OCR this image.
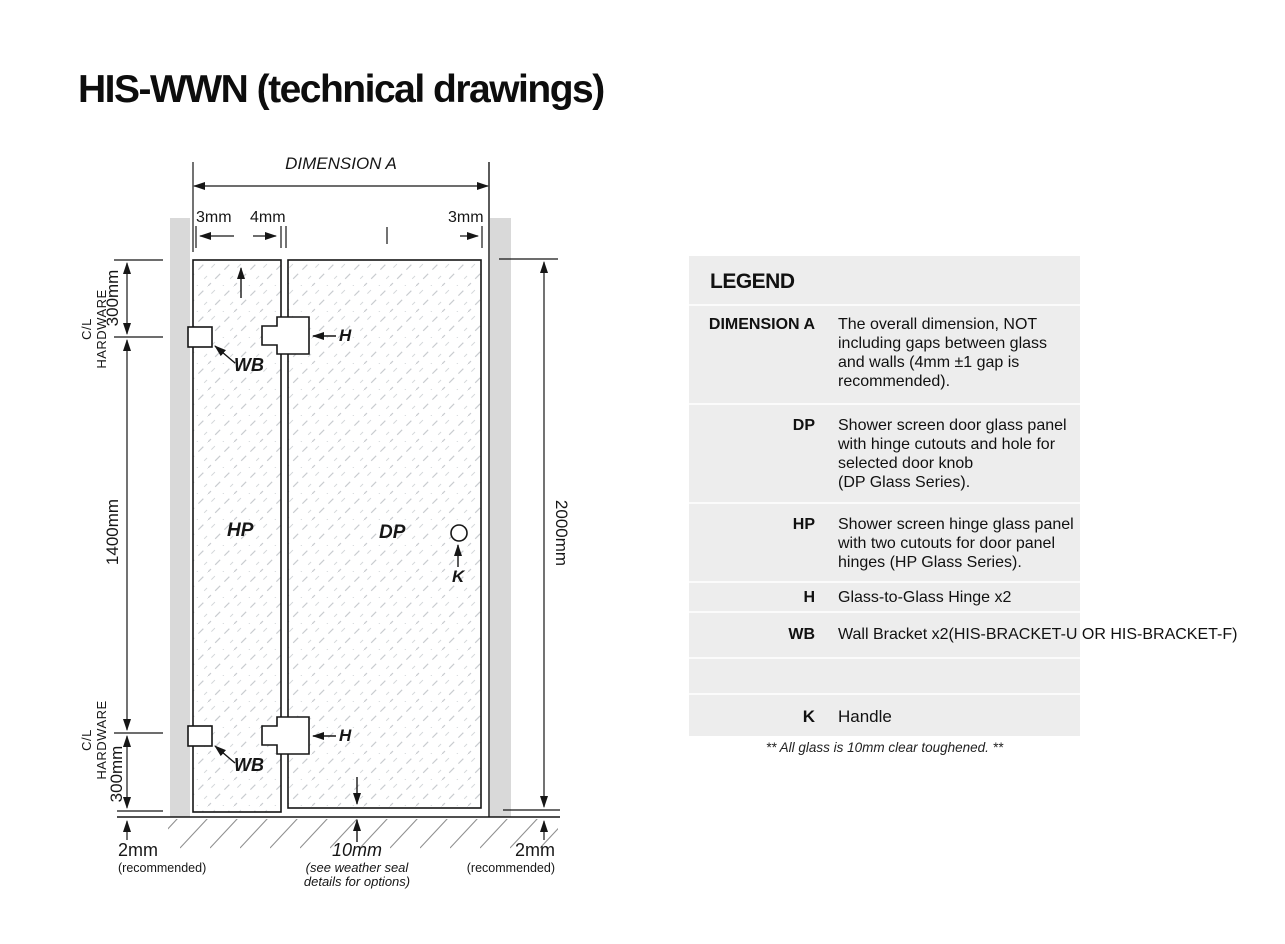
HIS-WWN (technical drawings)
DIMENSION A
3mm 4mm	3mm
C/L HARDWARE
300mm
1400mm
C/L HARDWARE
300mm
2000mm
HP	DP
WB
WB
H
H
K
2mm
(recommended)
10mm
(see weather seal
details for options)
2mm
(recommended)
LEGEND
DIMENSION A The overall dimension, NOT
including gaps between glass
and walls (4mm ±1 gap is
recommended).
DP Shower screen door glass panel
with hinge cutouts and hole for
selected door knob
(DP Glass Series).
HP Shower screen hinge glass panel
with two cutouts for door panel
hinges (HP Glass Series).
H Glass-to-Glass Hinge x2
WB Wall Bracket x2(HIS-BRACKET-U OR HIS-BRACKET-F)
K Handle
** All glass is 10mm clear toughened. **
